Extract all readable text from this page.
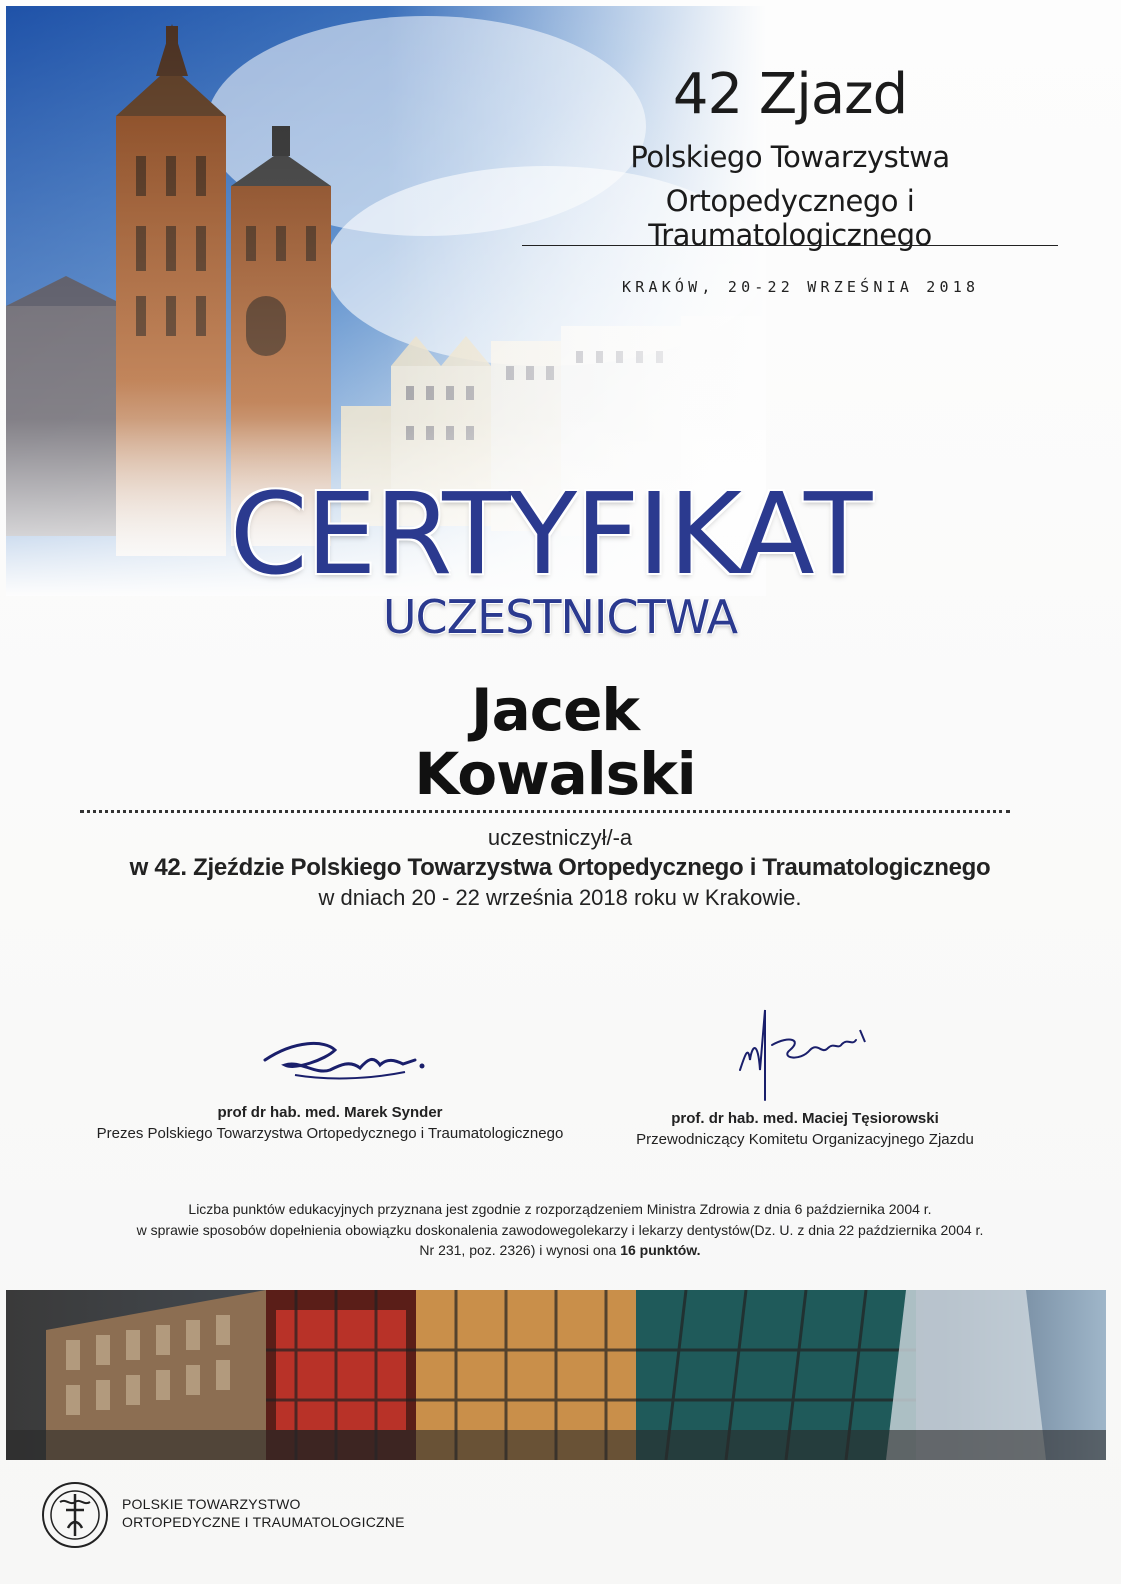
42 Zjazd
Polskiego Towarzystwa
Ortopedycznego i Traumatologicznego
KRAKÓW, 20-22 WRZEŚNIA 2018
CERTYFIKAT
UCZESTNICTWA
Jacek
Kowalski
uczestniczył/-a
w 42. Zjeździe Polskiego Towarzystwa Ortopedycznego i Traumatologicznego
w dniach 20 - 22 września 2018 roku w Krakowie.
prof dr hab. med. Marek Synder
Prezes Polskiego Towarzystwa Ortopedycznego i Traumatologicznego
prof. dr hab. med. Maciej Tęsiorowski
Przewodniczący Komitetu Organizacyjnego Zjazdu
Liczba punktów edukacyjnych przyznana jest zgodnie z rozporządzeniem Ministra Zdrowia z dnia 6 października 2004 r.
w sprawie sposobów dopełnienia obowiązku doskonalenia zawodowegolekarzy i lekarzy dentystów(Dz. U. z dnia 22 października 2004 r.
Nr 231, poz. 2326) i wynosi ona 16 punktów.
POLSKIE TOWARZYSTWO
ORTOPEDYCZNE I TRAUMATOLOGICZNE
